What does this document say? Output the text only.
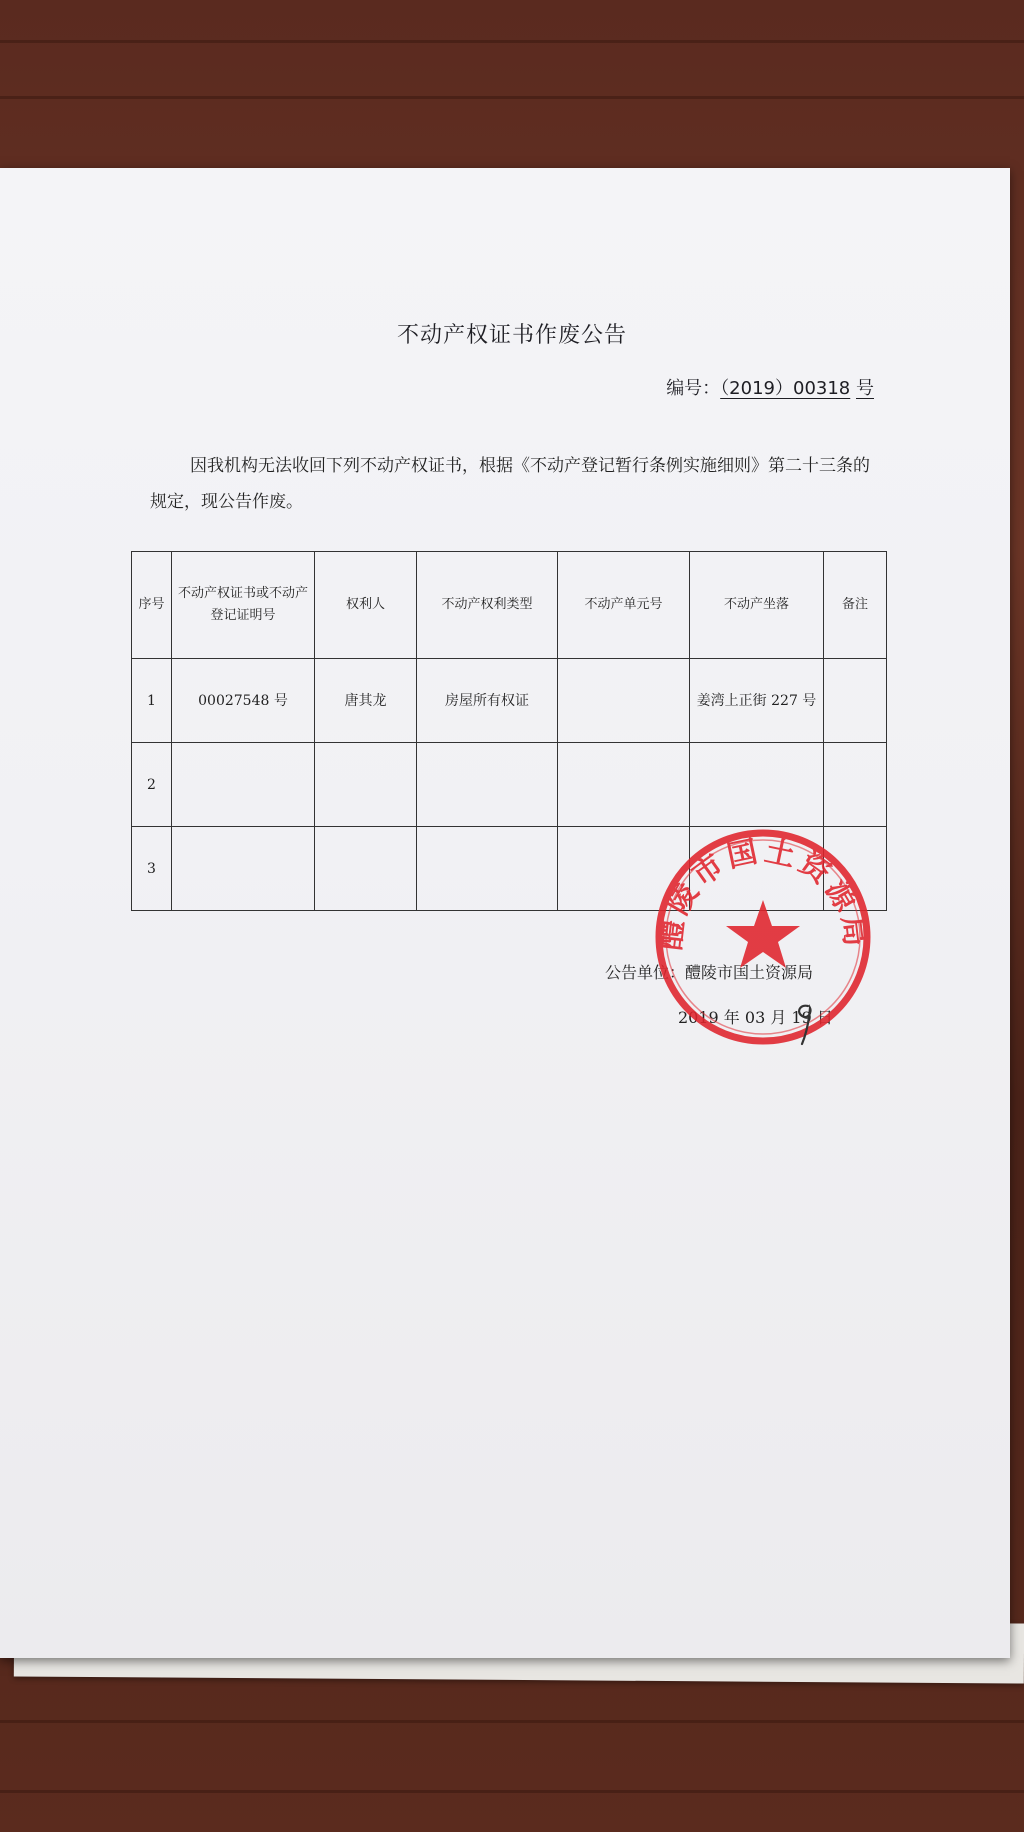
不动产权证书作废公告
编号：（2019）00318 号
因我机构无法收回下列不动产权证书，根据《不动产登记暂行条例实施细则》第二十三条的规定，现公告作废。
序号	不动产权证书或不动产登记证明号	权利人	不动产权利类型	不动产单元号	不动产坐落	备注
1	00027548 号	唐其龙	房屋所有权证		姜湾上正街 227 号	
2						
3						
公告单位：醴陵市国土资源局
2019 年 03 月 19 日
醴陵市国土资源局
